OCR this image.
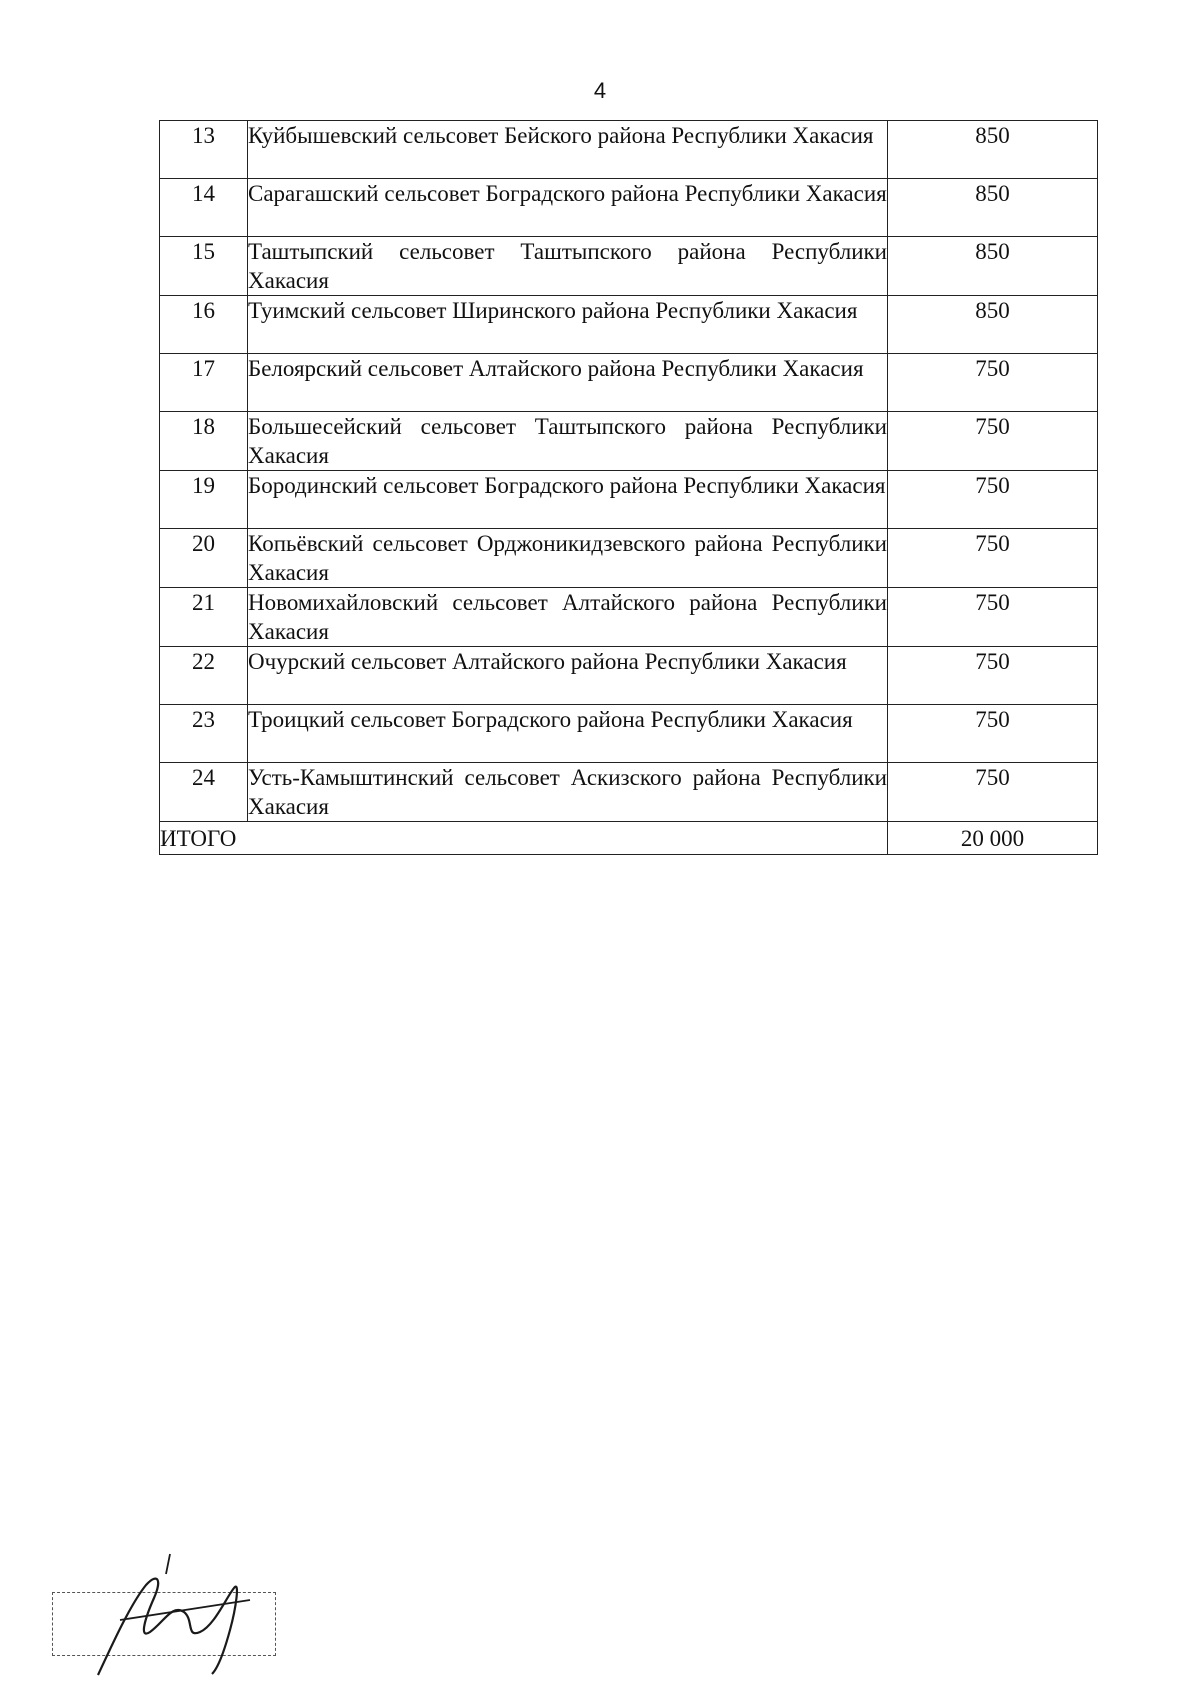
4
13	Куйбышевский сельсовет Бейского района Республики Хакасия	850
14	Сарагашский сельсовет Боградского района Республики Хакасия	850
15	Таштыпский сельсовет Таштыпского района Республики Хакасия	850
16	Туимский сельсовет Ширинского района Республики Хакасия	850
17	Белоярский сельсовет Алтайского района Республики Хакасия	750
18	Большесейский сельсовет Таштыпского района Республики Хакасия	750
19	Бородинский сельсовет Боградского района Республики Хакасия	750
20	Копьёвский сельсовет Орджоникидзевского района Республики Хакасия	750
21	Новомихайловский сельсовет Алтайского района Республики Хакасия	750
22	Очурский сельсовет Алтайского района Республики Хакасия	750
23	Троицкий сельсовет Боградского района Республики Хакасия	750
24	Усть-Камыштинский сельсовет Аскизского района Республики Хакасия	750
ИТОГО		20 000
